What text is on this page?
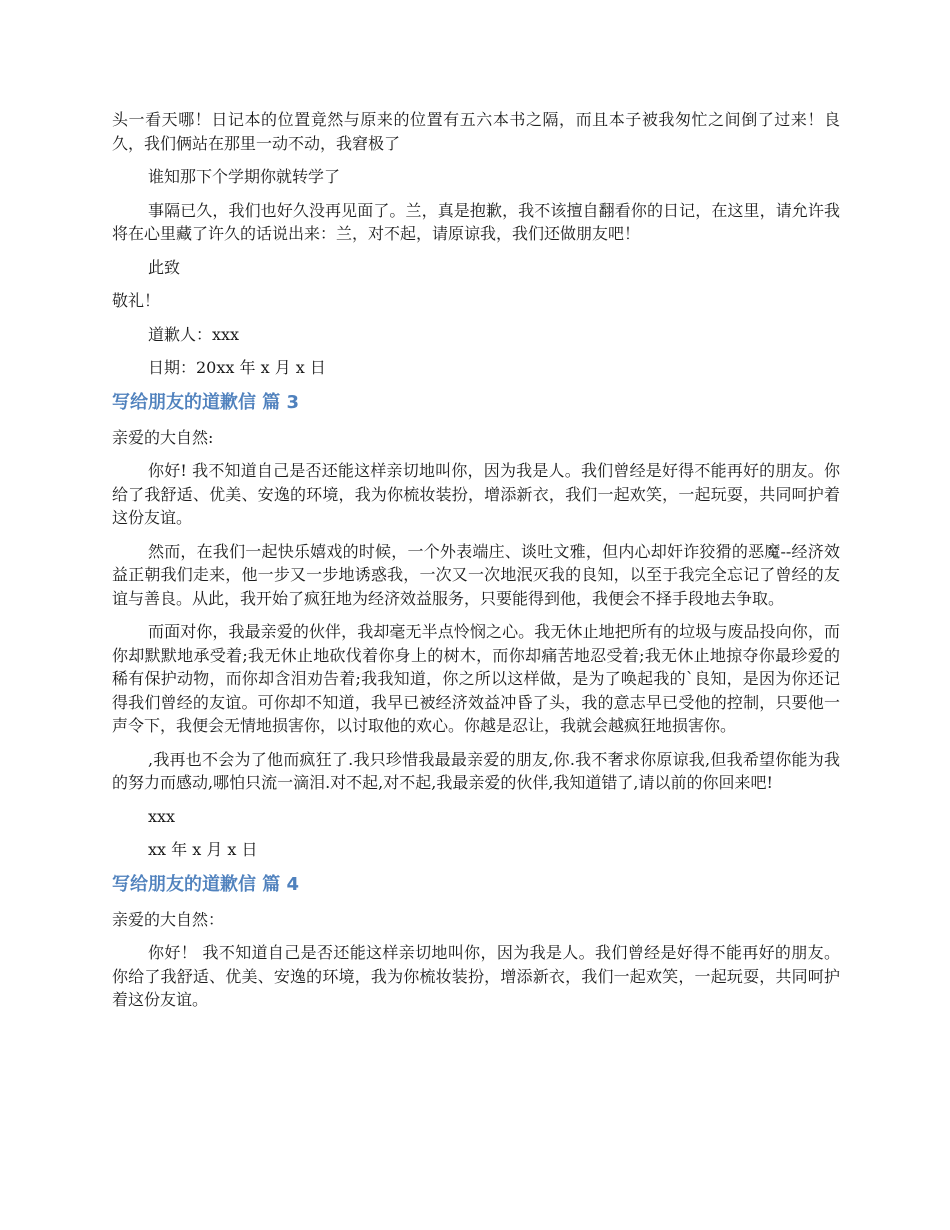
头一看天哪！日记本的位置竟然与原来的位置有五六本书之隔，而且本子被我匆忙之间倒了过来！良久，我们俩站在那里一动不动，我窘极了

谁知那下个学期你就转学了

事隔已久，我们也好久没再见面了。兰，真是抱歉，我不该擅自翻看你的日记，在这里，请允许我将在心里藏了许久的话说出来：兰，对不起，请原谅我，我们还做朋友吧！

此致

敬礼！

道歉人：xxx

日期：20xx 年 x 月 x 日

写给朋友的道歉信 篇 3

亲爱的大自然:

你好! 我不知道自己是否还能这样亲切地叫你，因为我是人。我们曾经是好得不能再好的朋友。你给了我舒适、优美、安逸的环境，我为你梳妆装扮，增添新衣，我们一起欢笑，一起玩耍，共同呵护着这份友谊。

然而，在我们一起快乐嬉戏的时候，一个外表端庄、谈吐文雅，但内心却奸诈狡猾的恶魔--经济效益正朝我们走来，他一步又一步地诱惑我，一次又一次地泯灭我的良知，以至于我完全忘记了曾经的友谊与善良。从此，我开始了疯狂地为经济效益服务，只要能得到他，我便会不择手段地去争取。

而面对你，我最亲爱的伙伴，我却毫无半点怜悯之心。我无休止地把所有的垃圾与废品投向你，而你却默默地承受着;我无休止地砍伐着你身上的树木，而你却痛苦地忍受着;我无休止地掠夺你最珍爱的稀有保护动物，而你却含泪劝告着;我我知道，你之所以这样做，是为了唤起我的`良知，是因为你还记得我们曾经的友谊。可你却不知道，我早已被经济效益冲昏了头，我的意志早已受他的控制，只要他一声令下，我便会无情地损害你，以讨取他的欢心。你越是忍让，我就会越疯狂地损害你。

,我再也不会为了他而疯狂了.我只珍惜我最最亲爱的朋友,你.我不奢求你原谅我,但我希望你能为我的努力而感动,哪怕只流一滴泪.对不起,对不起,我最亲爱的伙伴,我知道错了,请以前的你回来吧!

xxx

xx 年 x 月 x 日

写给朋友的道歉信 篇 4

亲爱的大自然：

你好！ 我不知道自己是否还能这样亲切地叫你，因为我是人。我们曾经是好得不能再好的朋友。你给了我舒适、优美、安逸的环境，我为你梳妆装扮，增添新衣，我们一起欢笑，一起玩耍，共同呵护着这份友谊。
